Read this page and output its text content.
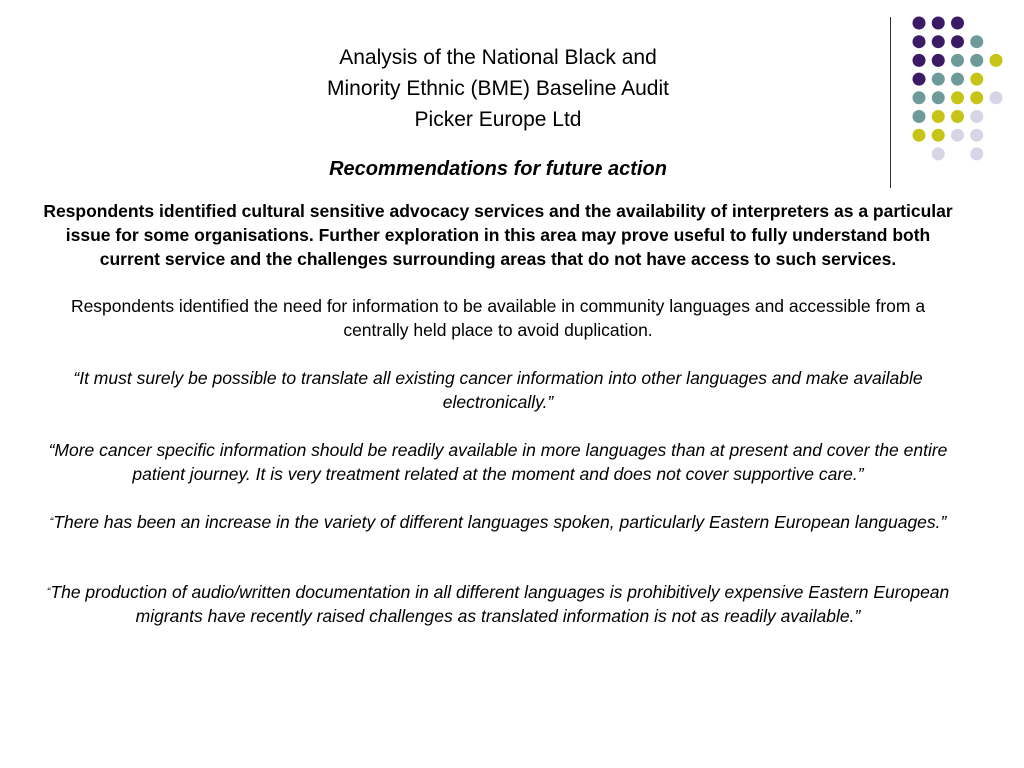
Analysis of the National Black and
Minority Ethnic (BME) Baseline Audit
Picker Europe Ltd

Recommendations for future action

Respondents identified cultural sensitive advocacy services and the availability of interpreters as a particular issue for some organisations. Further exploration in this area may prove useful to fully understand both current service and the challenges surrounding areas that do not have access to such services.

Respondents identified the need for information to be available in community languages and accessible from a centrally held place to avoid duplication.

“It must surely be possible to translate all existing cancer information into other languages and make available electronically.”

“More cancer specific information should be readily available in more languages than at present and cover the entire patient journey. It is very treatment related at the moment and does not cover supportive care.”

“There has been an increase in the variety of different languages spoken, particularly Eastern European languages.”

“The production of audio/written documentation in all different languages is prohibitively expensive Eastern European migrants have recently raised challenges as translated information is not as readily available.”
